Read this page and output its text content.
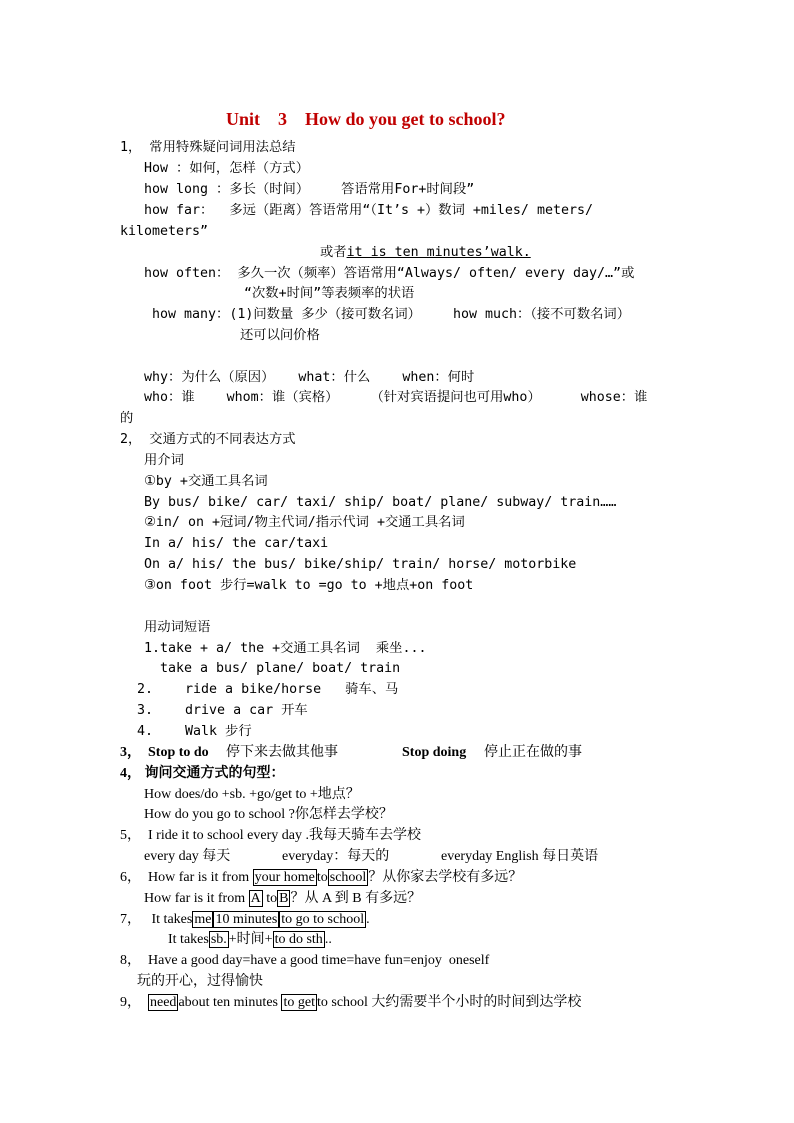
Unit    3    How do you get to school?
1， 常用特殊疑问词用法总结
How ：如何，怎样（方式）
how long ：多长（时间）    答语常用For+时间段”
how far：  多远（距离）答语常用“（It’s +）数词 +miles/ meters/
kilometers”
或者it is ten minutes’walk.
how often： 多久一次（频率）答语常用“Always/ often/ every day/…”或
“次数+时间”等表频率的状语
how many：(1)问数量 多少（接可数名词）    how much：（接不可数名词）
还可以问价格
why：为什么（原因）   what：什么    when：何时
who：谁    whom：谁（宾格）    （针对宾语提问也可用who）     whose：谁
的
2， 交通方式的不同表达方式
用介词
①by +交通工具名词
By bus/ bike/ car/ taxi/ ship/ boat/ plane/ subway/ train……
②in/ on +冠词/物主代词/指示代词 +交通工具名词
In a/ his/ the car/taxi
On a/ his/ the bus/ bike/ship/ train/ horse/ motorbike
③on foot 步行=walk to =go to +地点+on foot
用动词短语
1.take + a/ the +交通工具名词  乘坐...
take a bus/ plane/ boat/ train
2.    ride a bike/horse   骑车、马
3.    drive a car 开车
4.    Walk 步行
3， Stop to do 停下来去做其他事	Stop doing 停止正在做的事
4， 询问交通方式的句型：
How does/do +sb. +go/get to +地点？
How do you go to school ?你怎样去学校？
5，  I ride it to school every day .我每天骑车去学校
every day 每天	everyday：每天的	everyday English 每日英语
6， How far is it from your home to school ？从你家去学校有多远？
How far is it from A to B ？从 A 到 B 有多远？
7， It takes me 10 minutes to go to school .
It takes sb. +时间+ to do sth ..
8，  Have a good day=have a good time=have fun=enjoy  oneself
玩的开心，过得愉快
9， need about ten minutes to get to school 大约需要半个小时的时间到达学校
